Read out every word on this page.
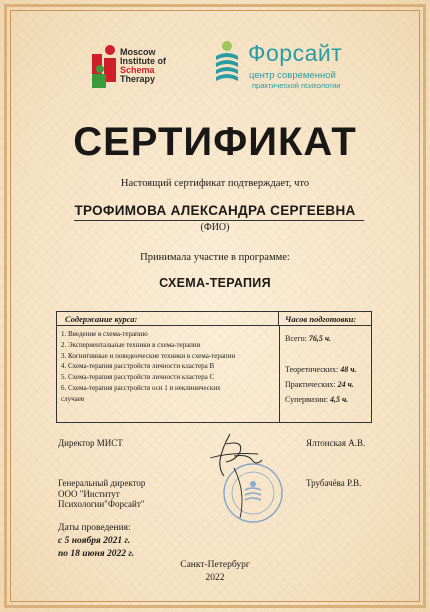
Moscow
Institute of
Schema
Therapy
Форсайт
центр современной
практической психологии
СЕРТИФИКАТ
Настоящий сертификат подтверждает, что
ТРОФИМОВА АЛЕКСАНДРА СЕРГЕЕВНА
(ФИО)
Принимала участие в программе:
СХЕМА-ТЕРАПИЯ
Содержание курса:	Часов подготовки:
1. Введение в схема-терапию
2. Экспериентальные техники в схема-терапии
3. Когнитивные и поведенческие техники в схема-терапии
4. Схема-терапия расстройств личности кластера В
5. Схема-терапия расстройств личности кластера С
6. Схема-терапия расстройств оси 1 и неклинических
случаев
Всего: 76,5 ч.
Теоретических: 48 ч.
Практических: 24 ч.
Супервизии: 4,5 ч.
Директор МИСТ	Ялтонская А.В.
Генеральный директор
ООО "Институт
Психологии"Форсайт"
Трубачёва Р.В.
Даты проведения:
с 5 ноября 2021 г.
по 18 июня 2022 г.
Санкт-Петербург
2022
